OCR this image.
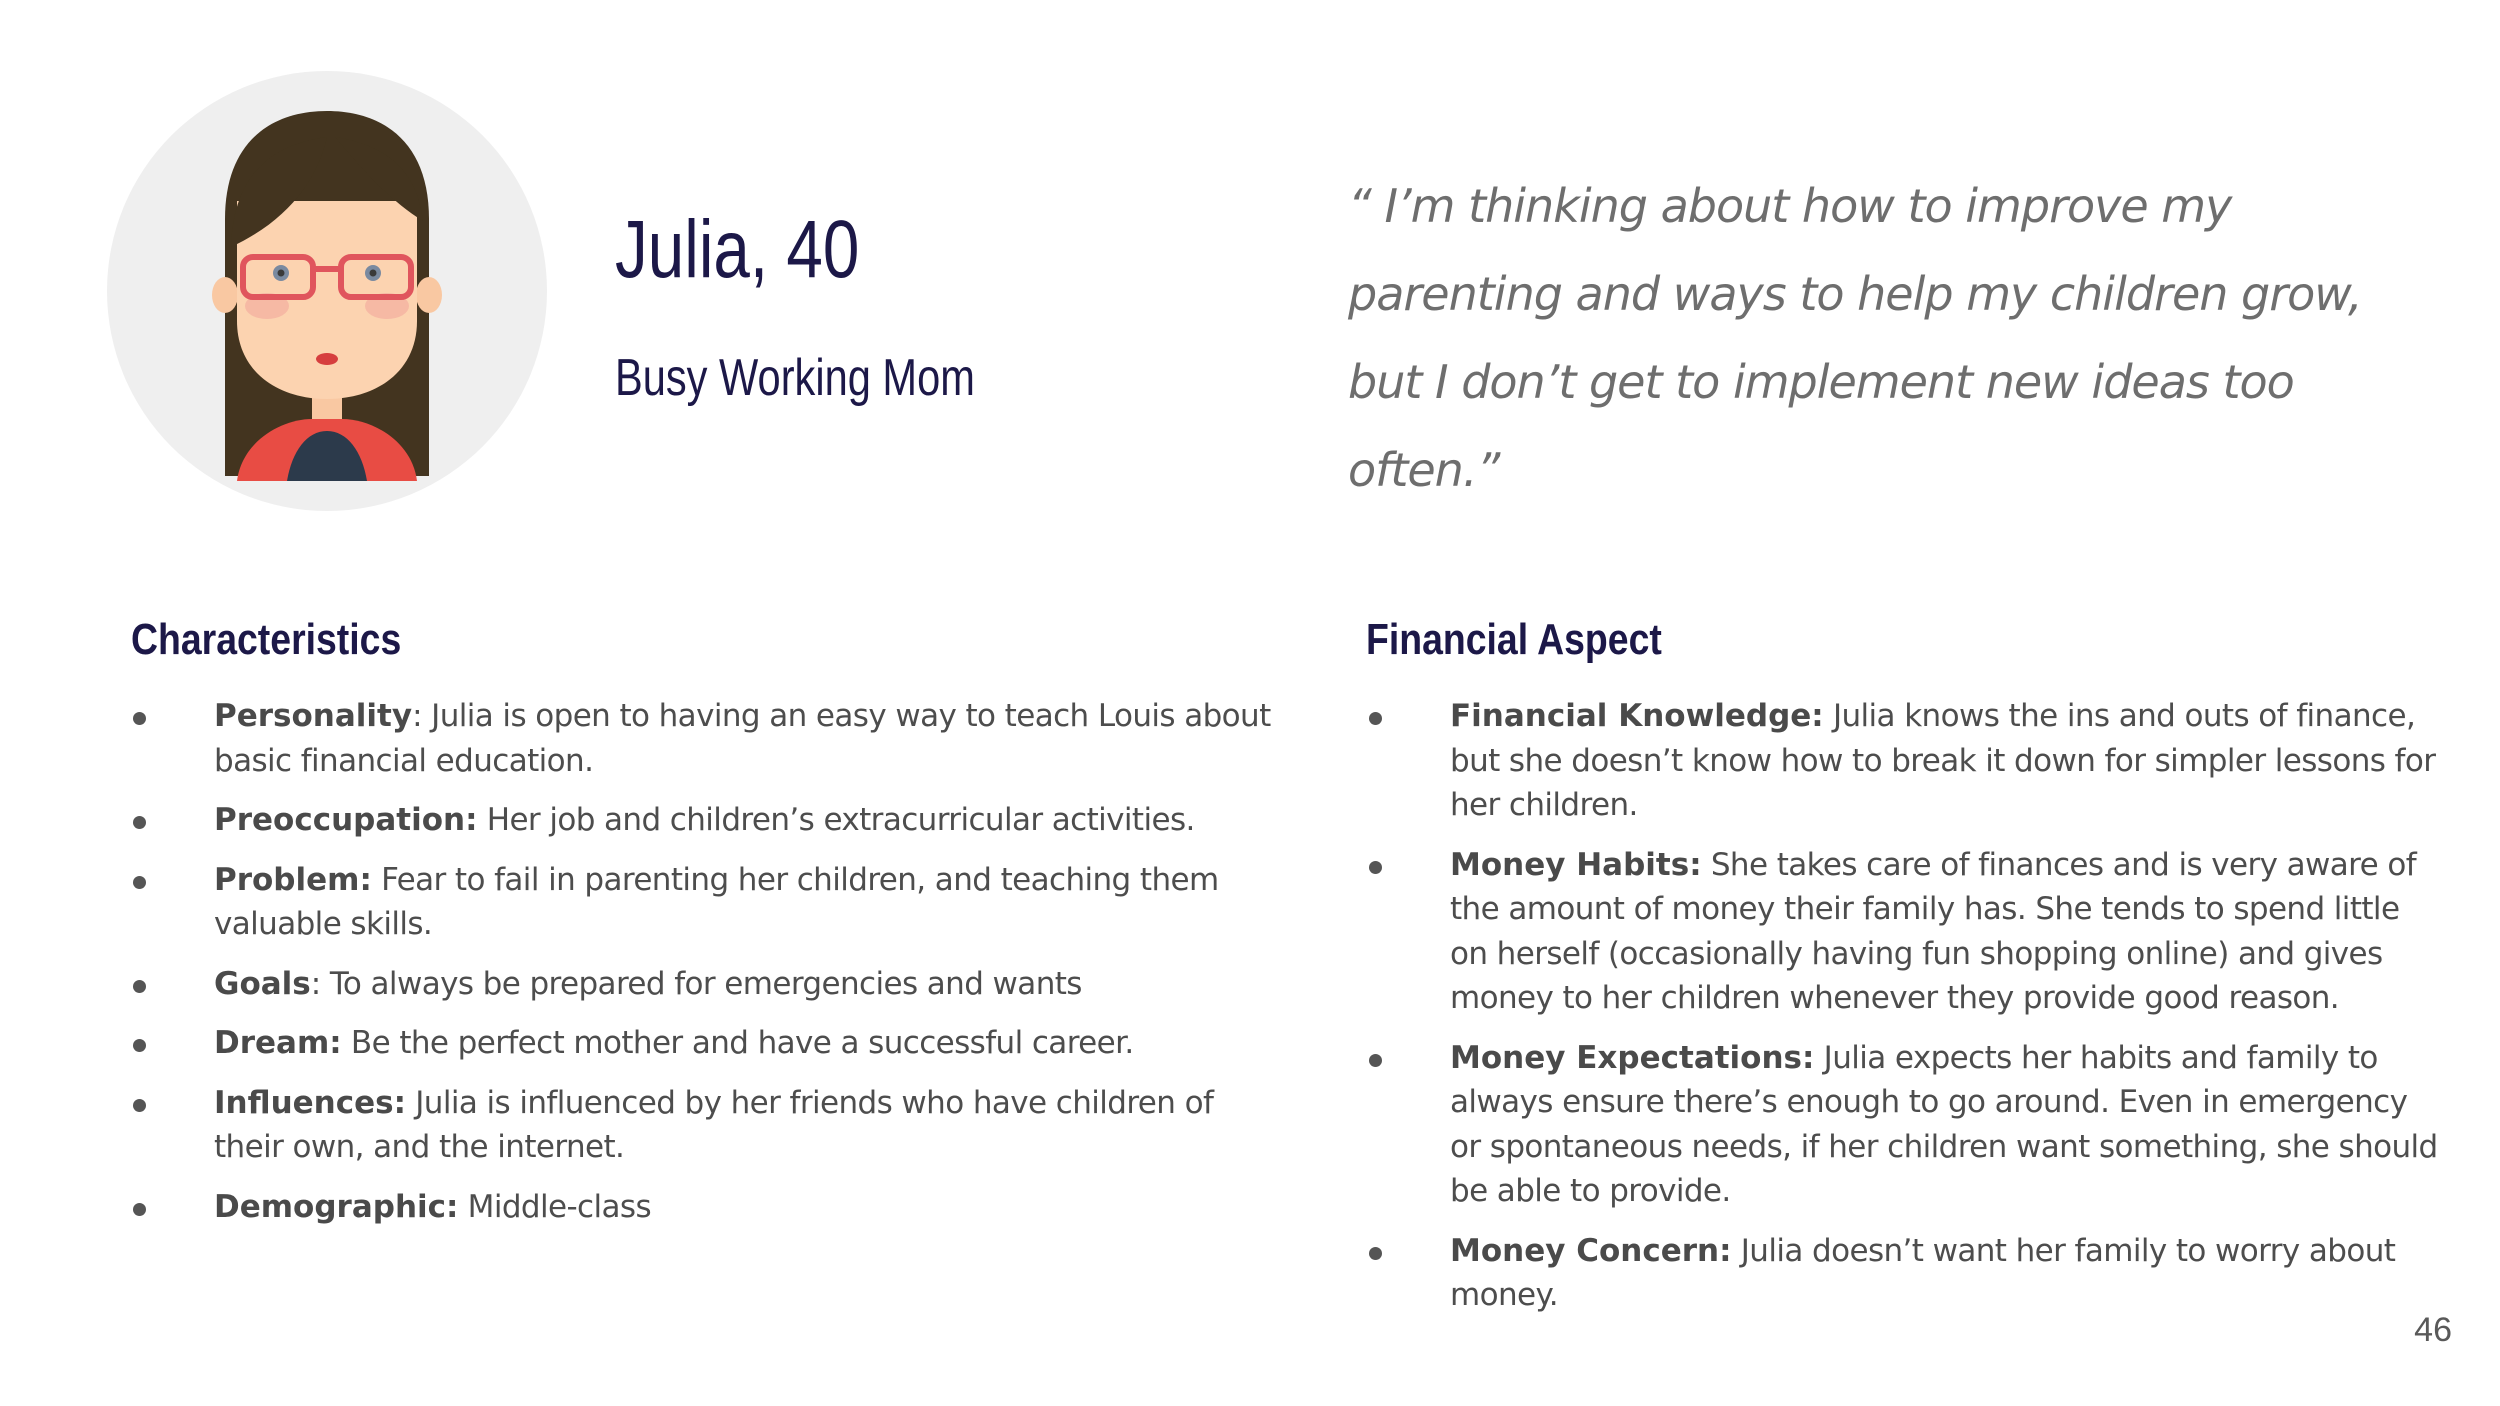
Julia, 40
Busy Working Mom

“ I’m thinking about how to improve my parenting and ways to help my children grow, but I don’t get to implement new ideas too often.”

Characteristics
Personality: Julia is open to having an easy way to teach Louis about basic financial education.
Preoccupation: Her job and children’s extracurricular activities.
Problem: Fear to fail in parenting her children, and teaching them valuable skills.
Goals: To always be prepared for emergencies and wants
Dream: Be the perfect mother and have a successful career.
Influences: Julia is influenced by her friends who have children of their own, and the internet.
Demographic: Middle-class
Financial Aspect
Financial Knowledge: Julia knows the ins and outs of finance, but she doesn’t know how to break it down for simpler lessons for her children.
Money Habits: She takes care of finances and is very aware of the amount of money their family has. She tends to spend little on herself (occasionally having fun shopping online) and gives money to her children whenever they provide good reason.
Money Expectations: Julia expects her habits and family to always ensure there’s enough to go around. Even in emergency or spontaneous needs, if her children want something, she should be able to provide.
Money Concern: Julia doesn’t want her family to worry about money.
46
